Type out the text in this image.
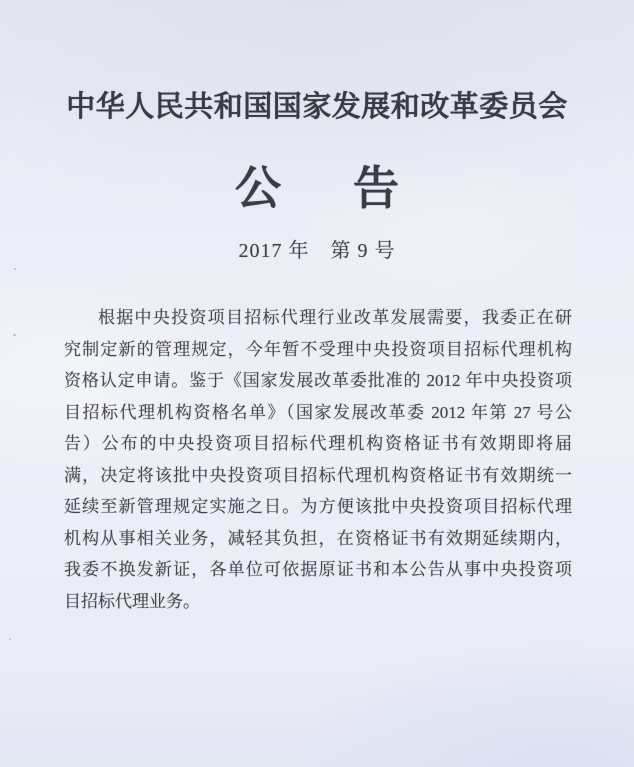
中华人民共和国国家发展和改革委员会
公 告
2017 年　第 9 号
根据中央投资项目招标代理行业改革发展需要，我委正在研
究制定新的管理规定，今年暂不受理中央投资项目招标代理机构
资格认定申请。鉴于《国家发展改革委批准的 2012 年中央投资项
目招标代理机构资格名单》（国家发展改革委 2012 年第 27 号公
告）公布的中央投资项目招标代理机构资格证书有效期即将届
满，决定将该批中央投资项目招标代理机构资格证书有效期统一
延续至新管理规定实施之日。为方便该批中央投资项目招标代理
机构从事相关业务，减轻其负担，在资格证书有效期延续期内，
我委不换发新证，各单位可依据原证书和本公告从事中央投资项
目招标代理业务。
